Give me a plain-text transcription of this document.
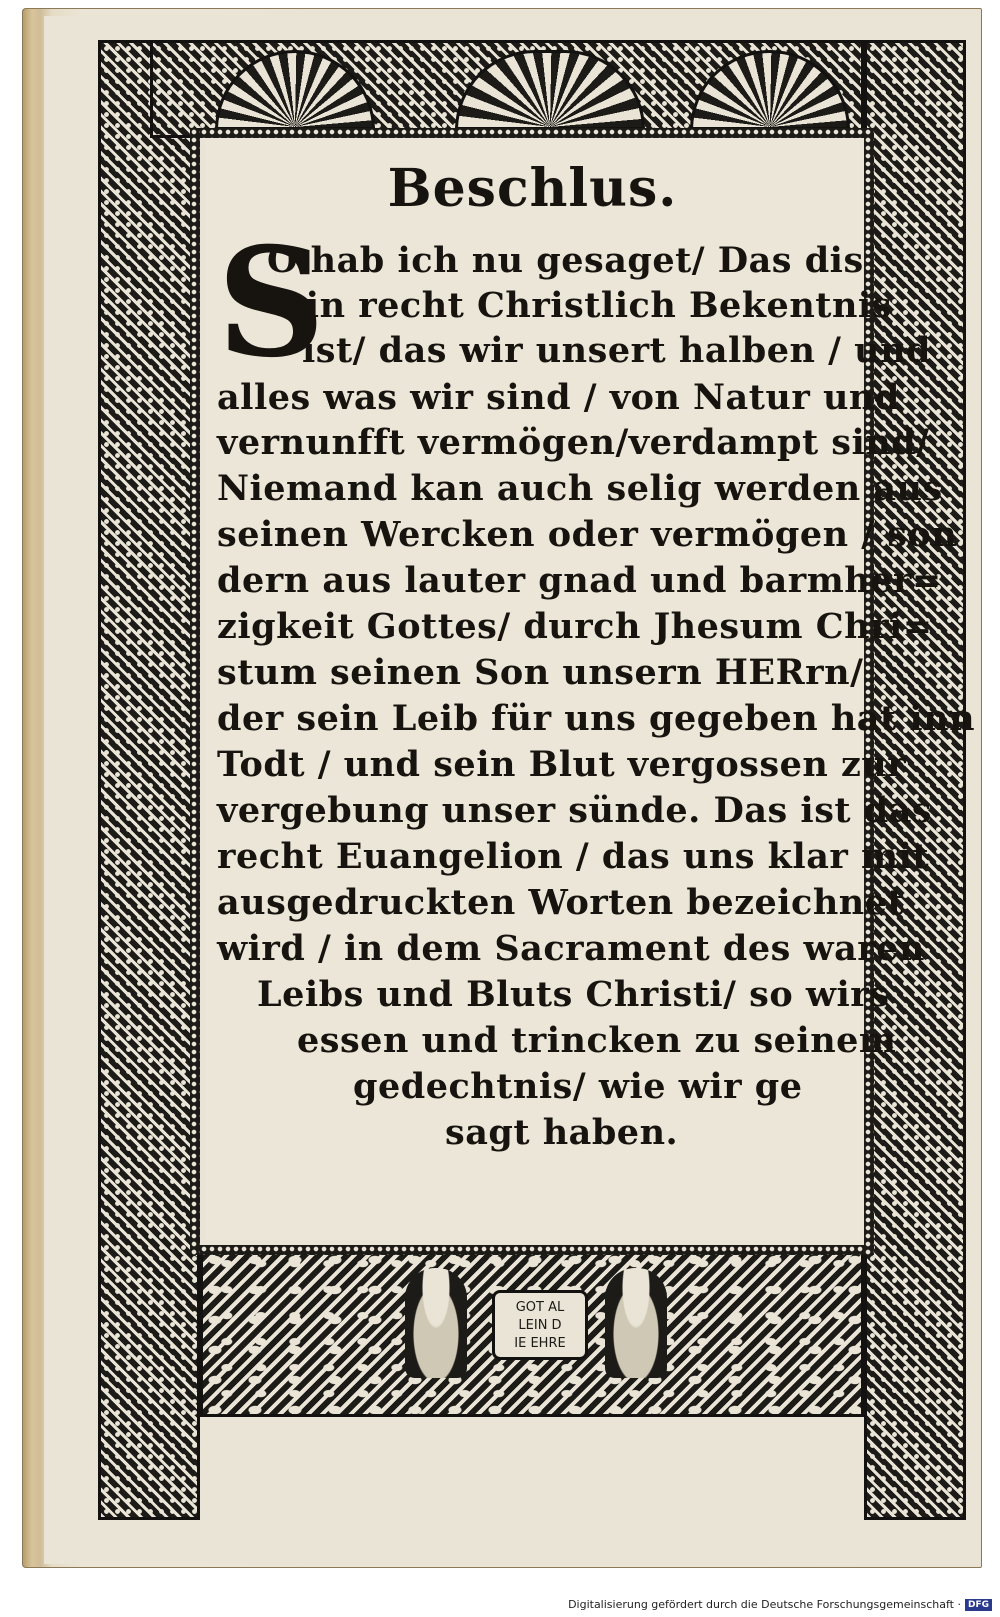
GOT AL
LEIN D
IE EHRE
Beschlus.
S
O hab ich nu gesaget/ Das dis
ein recht Christlich Bekentnis
ist/ das wir unsert halben / und
alles was wir sind / von Natur und
vernunfft vermögen/verdampt sind/
Niemand kan auch selig werden aus
seinen Wercken oder vermögen / son
dern aus lauter gnad und barmher=
zigkeit Gottes/ durch Jhesum Chri=
stum seinen Son unsern HERrn/
der sein Leib für uns gegeben hat inn
Todt / und sein Blut vergossen zur
vergebung unser sünde. Das ist das
recht Euangelion / das uns klar mit
ausgedruckten Worten bezeichnet
wird / in dem Sacrament des waren
Leibs und Bluts Christi/ so wirs
essen und trincken zu seinem
gedechtnis/ wie wir ge
sagt haben.
Digitalisierung gefördert durch die Deutsche Forschungsgemeinschaft · DFG
